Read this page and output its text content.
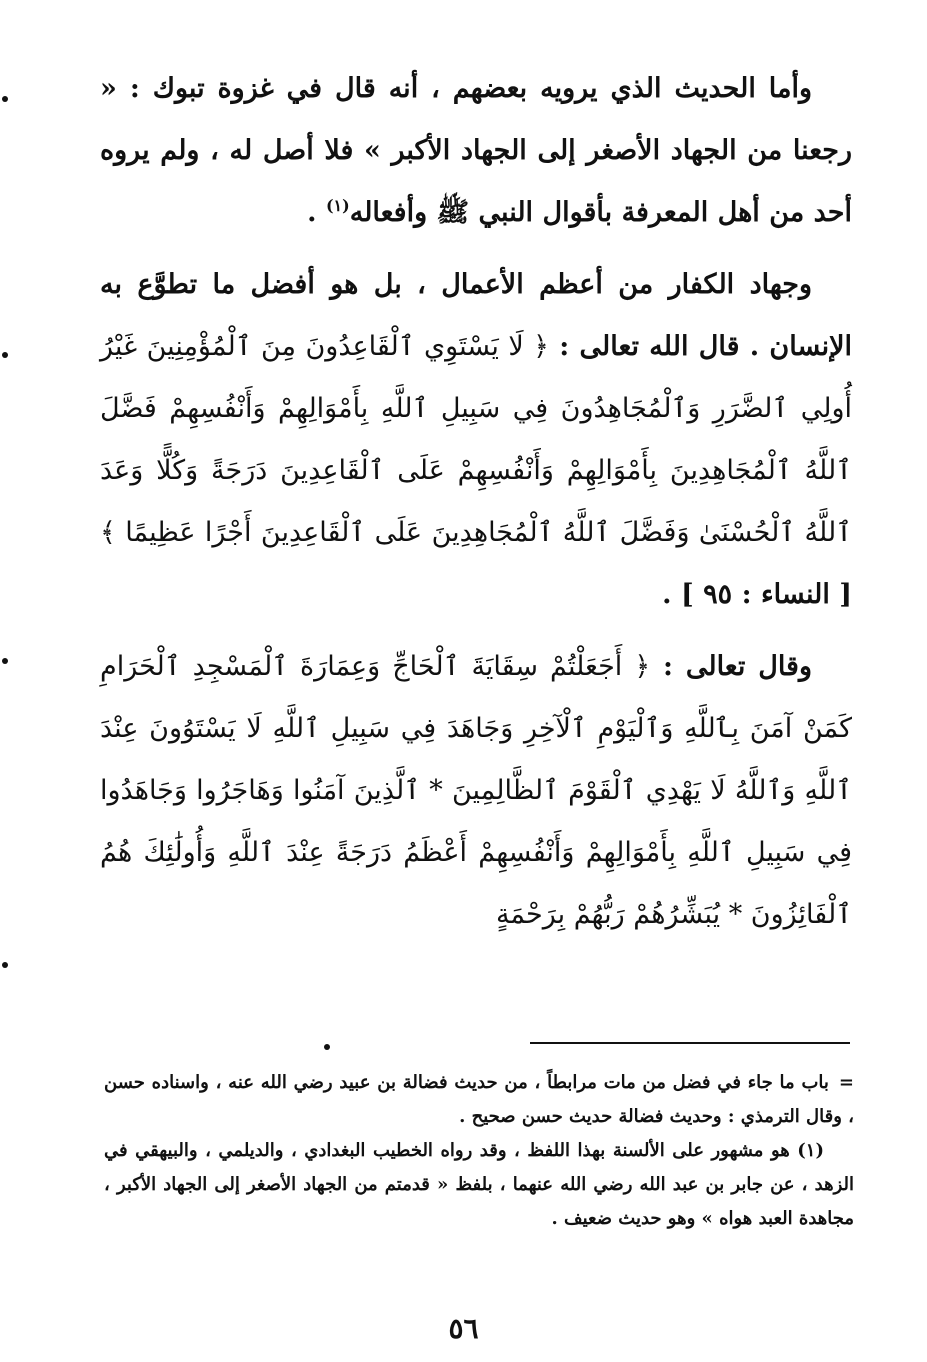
وأما الحديث الذي يرويه بعضهم ، أنه قال في غزوة تبوك : « رجعنا من الجهاد الأصغر إلى الجهاد الأكبر » فلا أصل له ، ولم يروه أحد من أهل المعرفة بأقوال النبي ﷺ وأفعاله$^{(١)}$ .

وجهاد الكفار من أعظم الأعمال ، بل هو أفضل ما تطوَّع به الإنسان . قال الله تعالى : ﴿ لَا يَسْتَوِي ٱلْقَاعِدُونَ مِنَ ٱلْمُؤْمِنِينَ غَيْرُ أُولِي ٱلضَّرَرِ وَٱلْمُجَاهِدُونَ فِي سَبِيلِ ٱللَّهِ بِأَمْوَالِهِمْ وَأَنْفُسِهِمْ فَضَّلَ ٱللَّهُ ٱلْمُجَاهِدِينَ بِأَمْوَالِهِمْ وَأَنْفُسِهِمْ عَلَى ٱلْقَاعِدِينَ دَرَجَةً وَكُلًّا وَعَدَ ٱللَّهُ ٱلْحُسْنَىٰ وَفَضَّلَ ٱللَّهُ ٱلْمُجَاهِدِينَ عَلَى ٱلْقَاعِدِينَ أَجْرًا عَظِيمًا ﴾ [ النساء : ٩٥ ] .

وقال تعالى : ﴿ أَجَعَلْتُمْ سِقَايَةَ ٱلْحَاجِّ وَعِمَارَةَ ٱلْمَسْجِدِ ٱلْحَرَامِ كَمَنْ آمَنَ بِٱللَّهِ وَٱلْيَوْمِ ٱلْآخِرِ وَجَاهَدَ فِي سَبِيلِ ٱللَّهِ لَا يَسْتَوُونَ عِنْدَ ٱللَّهِ وَٱللَّهُ لَا يَهْدِي ٱلْقَوْمَ ٱلظَّالِمِينَ * ٱلَّذِينَ آمَنُوا وَهَاجَرُوا وَجَاهَدُوا فِي سَبِيلِ ٱللَّهِ بِأَمْوَالِهِمْ وَأَنْفُسِهِمْ أَعْظَمُ دَرَجَةً عِنْدَ ٱللَّهِ وَأُولَٰئِكَ هُمُ ٱلْفَائِزُونَ * يُبَشِّرُهُمْ رَبُّهُمْ بِرَحْمَةٍ

=باب ما جاء في فضل من مات مرابطاً ، من حديث فضالة بن عبيد رضي الله عنه ، واسناده حسن ، وقال الترمذي : وحديث فضالة حديث حسن صحيح .

(١) هو مشهور على الألسنة بهذا اللفظ ، وقد رواه الخطيب البغدادي ، والديلمي ، والبيهقي في الزهد ، عن جابر بن عبد الله رضي الله عنهما ، بلفظ « قدمتم من الجهاد الأصغر إلى الجهاد الأكبر ، مجاهدة العبد هواه » وهو حديث ضعيف .

٥٦
